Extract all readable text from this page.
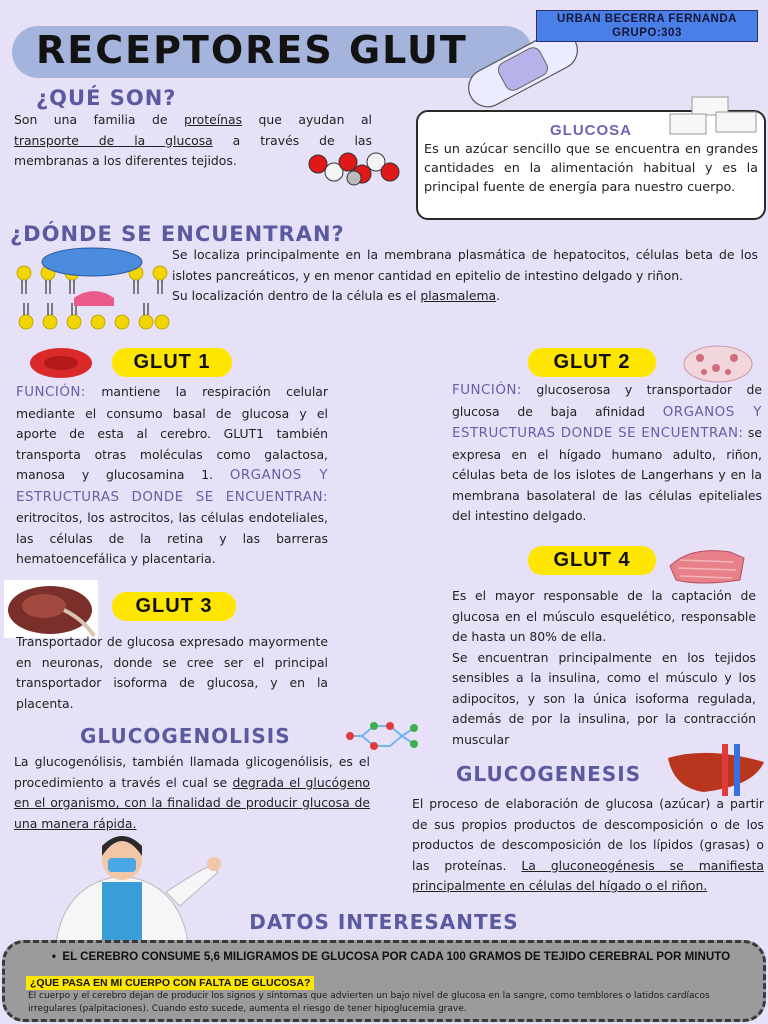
RECEPTORES GLUT
URBAN BECERRA FERNANDA
GRUPO:303
¿QUÉ SON?
Son una familia de proteínas que ayudan al
transporte de la glucosa a través de las
membranas a los diferentes tejidos.
GLUCOSA
Es un azúcar sencillo que se encuentra en grandes cantidades en la alimentación habitual y es la principal fuente de energía para nuestro cuerpo.
¿DÓNDE SE ENCUENTRAN?
Se localiza principalmente en la membrana plasmática de hepatocitos, células beta de los islotes pancreáticos, y en menor cantidad en epitelio de intestino delgado y riñon.
Su localización dentro de la célula es el plasmalema.
GLUT 1
FUNCIÓN: mantiene la respiración celular mediante el consumo basal de glucosa y el aporte de esta al cerebro. GLUT1 también transporta otras moléculas como galactosa, manosa y glucosamina 1. ORGANOS Y ESTRUCTURAS DONDE SE ENCUENTRAN: eritrocitos, los astrocitos, las células endoteliales, las células de la retina y las barreras hematoencefálica y placentaria.
GLUT 2
FUNCIÓN: glucoserosa y transportador de glucosa de baja afinidad ORGANOS Y ESTRUCTURAS DONDE SE ENCUENTRAN: se expresa en el hígado humano adulto, riñon, células beta de los islotes de Langerhans y en la membrana basolateral de las células epiteliales del intestino delgado.
GLUT 4
Es el mayor responsable de la captación de glucosa en el músculo esquelético, responsable de hasta un 80% de ella.
Se encuentran principalmente en los tejidos sensibles a la insulina, como el músculo y los adipocitos, y son la única isoforma regulada, además de por la insulina, por la contracción muscular
GLUT 3
Transportador de glucosa expresado mayormente en neuronas, donde se cree ser el principal transportador isoforma de glucosa, y en la placenta.
GLUCOGENOLISIS
La glucogenólisis, también llamada glicogenólisis, es el procedimiento a través el cual se degrada el glucógeno en el organismo, con la finalidad de producir glucosa de una manera rápida.
GLUCOGENESIS
El proceso de elaboración de glucosa (azúcar) a partir de sus propios productos de descomposición o de los productos de descomposición de los lípidos (grasas) o las proteínas. La gluconeogénesis se manifiesta principalmente en células del hígado o el riñon.
DATOS INTERESANTES
•  EL CEREBRO CONSUME 5,6 MILIGRAMOS DE GLUCOSA POR CADA 100 GRAMOS DE TEJIDO CEREBRAL POR MINUTO
¿QUE PASA EN MI CUERPO CON FALTA DE GLUCOSA?
El cuerpo y el cerebro dejan de producir los signos y síntomas que advierten un bajo nivel de glucosa en la sangre, como temblores o latidos cardíacos irregulares (palpitaciones). Cuando esto sucede, aumenta el riesgo de tener hipoglucemia grave.
